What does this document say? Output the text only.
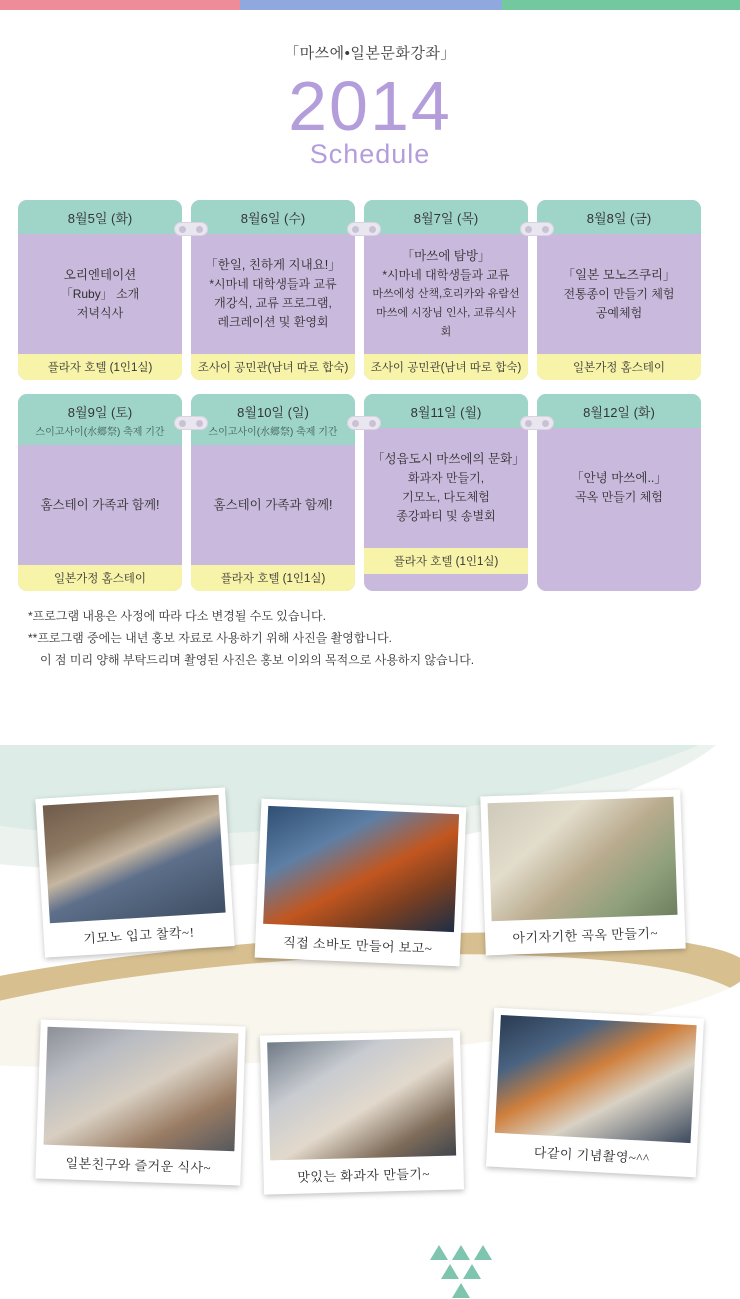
「마쓰에•일본문화강좌」
2014
Schedule
8월5일 (화)
오리엔테이션
「Ruby」 소개
저녁식사
플라자 호텔 (1인1실)
8월6일 (수)
「한일, 친하게 지내요!」
*시마네 대학생들과 교류
개강식, 교류 프로그램,
레크레이션 및 환영회
조사이 공민관(남녀 따로 합숙)
8월7일 (목)
「마쓰에 탐방」
*시마네 대학생들과 교류
마쓰에성 산책,호리카와 유람선
마쓰에 시장님 인사, 교류식사회
조사이 공민관(남녀 따로 합숙)
8월8일 (금)
「일본 모노즈쿠리」
전통종이 만들기 체험
공예체험
일본가정 홈스테이
8월9일 (토)
스이고사이(水郷祭) 축제 기간
홈스테이 가족과 함께!
일본가정 홈스테이
8월10일 (일)
스이고사이(水郷祭) 축제 기간
홈스테이 가족과 함께!
플라자 호텔 (1인1실)
8월11일 (월)
「성읍도시 마쓰에의 문화」
화과자 만들기,
기모노, 다도체험
종강파티 및 송별회
플라자 호텔 (1인1실)
8월12일 (화)
「안녕 마쓰에..」
곡옥 만들기 체험
*프로그램 내용은 사정에 따라 다소 변경될 수도 있습니다.
**프로그램 중에는 내년 홍보 자료로 사용하기 위해 사진을 촬영합니다.
이 점 미리 양해 부탁드리며 촬영된 사진은 홍보 이외의 목적으로 사용하지 않습니다.
기모노 입고 찰칵~!	직접 소바도 만들어 보고~	아기자기한 곡옥 만들기~
일본친구와 즐거운 식사~	맛있는 화과자 만들기~
다같이 기념촬영~^^
